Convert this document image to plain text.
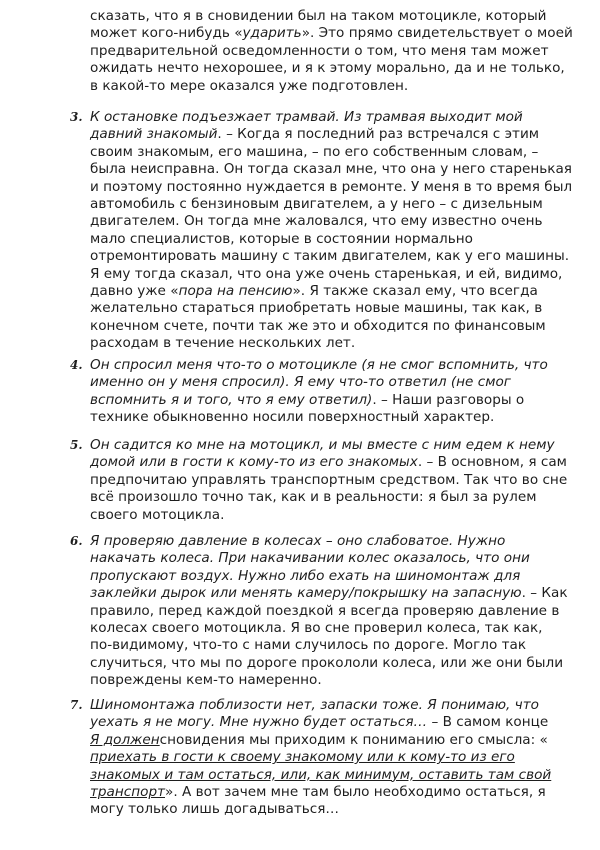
сказать, что я в сновидении был на таком мотоцикле, который
может кого-нибудь «ударить». Это прямо свидетельствует о моей
предварительной осведомленности о том, что меня там может
ожидать нечто нехорошее, и я к этому морально, да и не только,
в какой-то мере оказался уже подготовлен.

3. К остановке подъезжает трамвай. Из трамвая выходит мой
давний знакомый. – Когда я последний раз встречался с этим
своим знакомым, его машина, – по его собственным словам, –
была неисправна. Он тогда сказал мне, что она у него старенькая
и поэтому постоянно нуждается в ремонте. У меня в то время был
автомобиль с бензиновым двигателем, а у него – с дизельным
двигателем. Он тогда мне жаловался, что ему известно очень
мало специалистов, которые в состоянии нормально
отремонтировать машину с таким двигателем, как у его машины.
Я ему тогда сказал, что она уже очень старенькая, и ей, видимо,
давно уже «пора на пенсию». Я также сказал ему, что всегда
желательно стараться приобретать новые машины, так как, в
конечном счете, почти так же это и обходится по финансовым
расходам в течение нескольких лет.

4. Он спросил меня что-то о мотоцикле (я не смог вспомнить, что
именно он у меня спросил). Я ему что-то ответил (не смог
вспомнить я и того, что я ему ответил). – Наши разговоры о
технике обыкновенно носили поверхностный характер.

5. Он садится ко мне на мотоцикл, и мы вместе с ним едем к нему
домой или в гости к кому-то из его знакомых. – В основном, я сам
предпочитаю управлять транспортным средством. Так что во сне
всё произошло точно так, как и в реальности: я был за рулем
своего мотоцикла.

6. Я проверяю давление в колесах – оно слабоватое. Нужно
накачать колеса. При накачивании колес оказалось, что они
пропускают воздух. Нужно либо ехать на шиномонтаж для
заклейки дырок или менять камеру/покрышку на запасную. – Как
правило, перед каждой поездкой я всегда проверяю давление в
колесах своего мотоцикла. Я во сне проверил колеса, так как,
по-видимому, что-то с нами случилось по дороге. Могло так
случиться, что мы по дороге прокололи колеса, или же они были
повреждены кем-то намеренно.

7. Шиномонтажа поблизости нет, запаски тоже. Я понимаю, что
уехать я не могу. Мне нужно будет остаться… – В самом конце
Я долженсновидения мы приходим к пониманию его смысла: «
приехать в гости к своему знакомому или к кому-то из его
знакомых и там остаться, или, как минимум, оставить там свой
транспорт». А вот зачем мне там было необходимо остаться, я
могу только лишь догадываться…
